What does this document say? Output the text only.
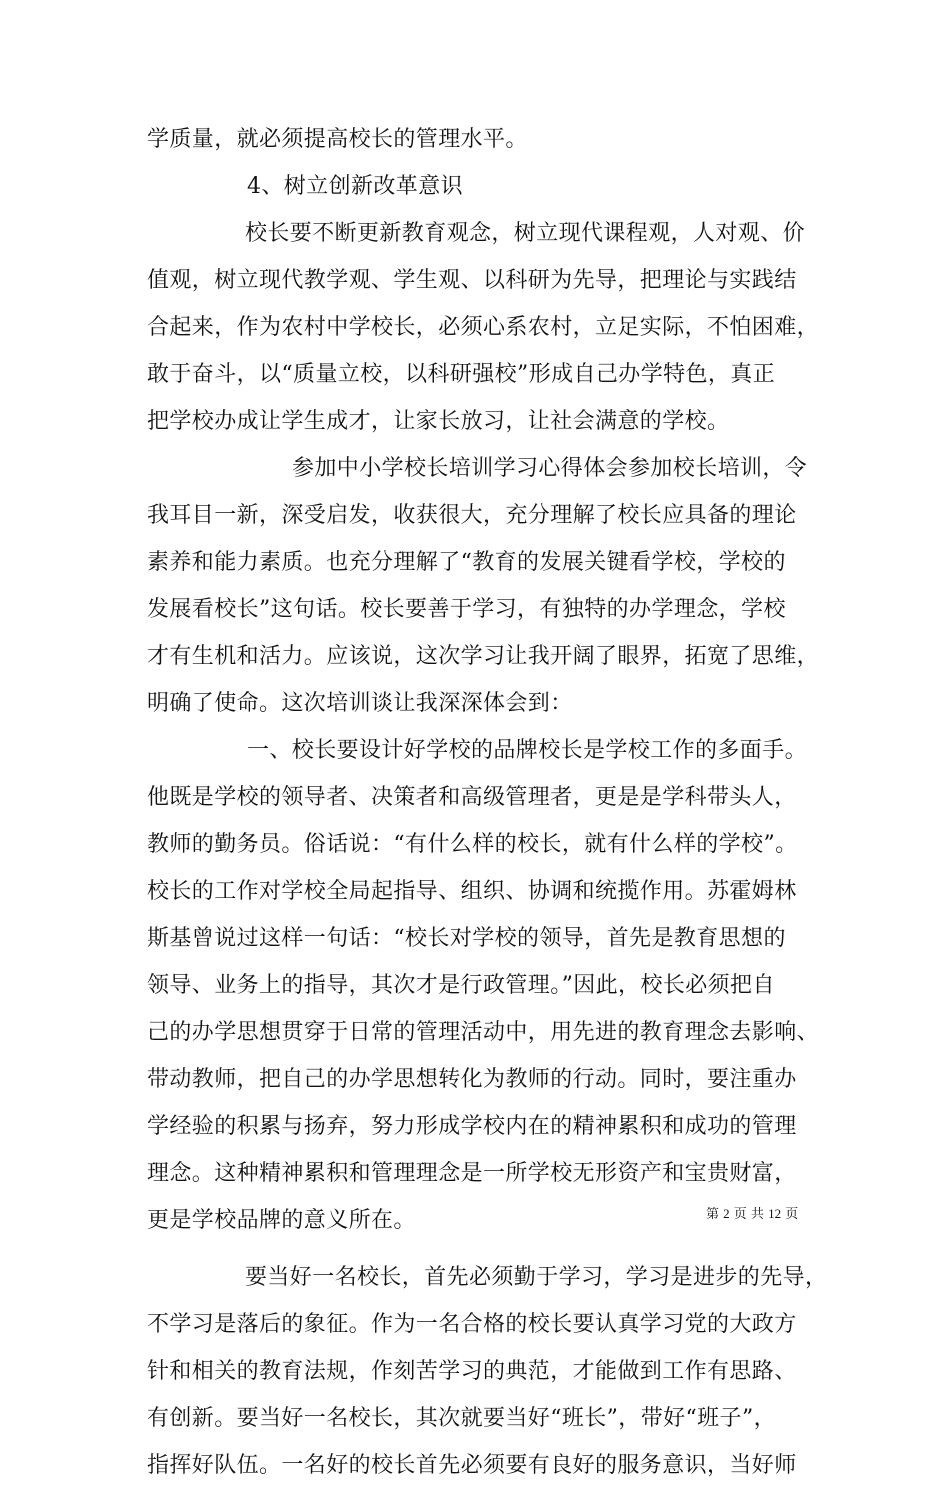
学质量，就必须提高校长的管理水平。
4、树立创新改革意识
校长要不断更新教育观念，树立现代课程观，人对观、价
值观，树立现代教学观、学生观、以科研为先导，把理论与实践结
合起来，作为农村中学校长，必须心系农村，立足实际，不怕困难，
敢于奋斗，以“质量立校，以科研强校”形成自己办学特色，真正
把学校办成让学生成才，让家长放习，让社会满意的学校。
参加中小学校长培训学习心得体会参加校长培训，令
我耳目一新，深受启发，收获很大，充分理解了校长应具备的理论
素养和能力素质。也充分理解了“教育的发展关键看学校，学校的
发展看校长”这句话。校长要善于学习，有独特的办学理念，学校
才有生机和活力。应该说，这次学习让我开阔了眼界，拓宽了思维，
明确了使命。这次培训谈让我深深体会到：
一、校长要设计好学校的品牌校长是学校工作的多面手。
他既是学校的领导者、决策者和高级管理者，更是是学科带头人，
教师的勤务员。俗话说：“有什么样的校长，就有什么样的学校”。
校长的工作对学校全局起指导、组织、协调和统揽作用。苏霍姆林
斯基曾说过这样一句话：“校长对学校的领导，首先是教育思想的
领导、业务上的指导，其次才是行政管理。”因此，校长必须把自
己的办学思想贯穿于日常的管理活动中，用先进的教育理念去影响、
带动教师，把自己的办学思想转化为教师的行动。同时，要注重办
学经验的积累与扬弃，努力形成学校内在的精神累积和成功的管理
理念。这种精神累积和管理理念是一所学校无形资产和宝贵财富，
更是学校品牌的意义所在。
要当好一名校长，首先必须勤于学习，学习是进步的先导，
不学习是落后的象征。作为一名合格的校长要认真学习党的大政方
针和相关的教育法规，作刻苦学习的典范，才能做到工作有思路、
有创新。要当好一名校长，其次就要当好“班长”，带好“班子”，
指挥好队伍。一名好的校长首先必须要有良好的服务意识，当好师
第 2 页 共 12 页
